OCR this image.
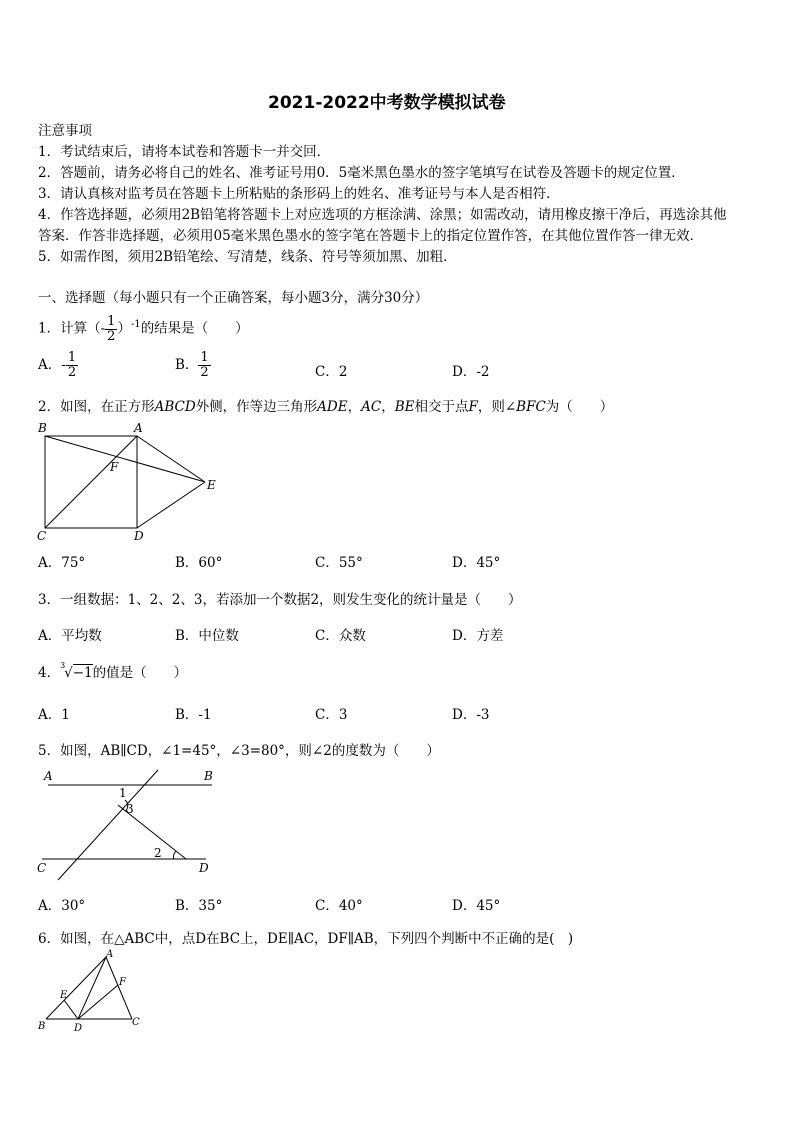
2021-2022中考数学模拟试卷
注意事项
1．考试结束后，请将本试卷和答题卡一并交回．
2．答题前，请务必将自己的姓名、准考证号用0．5毫米黑色墨水的签字笔填写在试卷及答题卡的规定位置．
3．请认真核对监考员在答题卡上所粘贴的条形码上的姓名、准考证号与本人是否相符．
4．作答选择题，必须用2B铅笔将答题卡上对应选项的方框涂满、涂黑；如需改动，请用橡皮擦干净后，再选涂其他
答案．作答非选择题，必须用05毫米黑色墨水的签字笔在答题卡上的指定位置作答，在其他位置作答一律无效．
5．如需作图，须用2B铅笔绘、写清楚，线条、符号等须加黑、加粗．
一、选择题（每小题只有一个正确答案，每小题3分，满分30分）
1．计算（- $\frac{1}{2} )^{-1}$的结果是（　　）
A．- $\frac{1}{2}$	B． $\frac{1}{2}$	C．2	D．-2
2．如图，在正方形ABCD外侧，作等边三角形ADE，AC，BE相交于点F，则∠BFC为（　　）
B	A
F
E
C	D
A．75°	B．60°	C．55°	D．45°
3．一组数据：1、2、2、3，若添加一个数据2，则发生变化的统计量是（　　）
A．平均数	B．中位数	C．众数	D．方差
4． 3
√−1的值是（　　）
A．1	B．-1	C．3	D．-3
5．如图，AB∥CD，∠1=45°，∠3=80°，则∠2的度数为（　　）
A	B
C	D
1
3
2
A．30°	B．35°	C．40°	D．45°
6．如图，在△ABC中，点D在BC上，DE∥AC，DF∥AB，下列四个判断中不正确的是(　)
A
B	C
D
E
F
